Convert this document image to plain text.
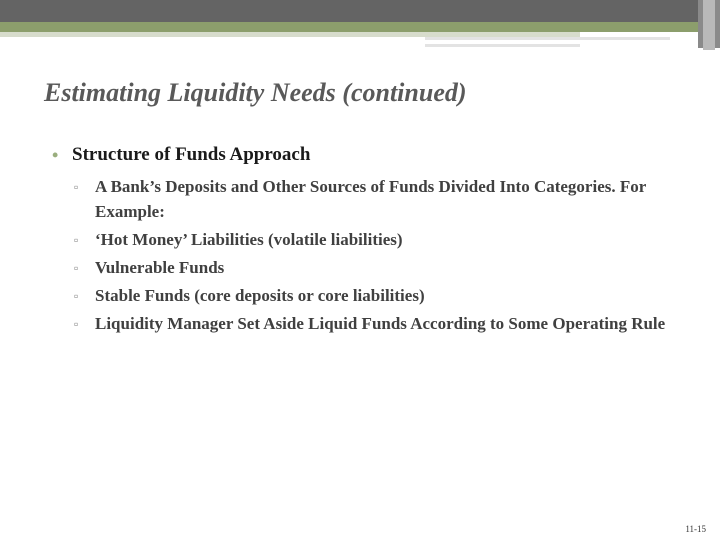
Estimating Liquidity Needs (continued)

• Structure of Funds Approach

▫ A Bank’s Deposits and Other Sources of Funds Divided Into Categories. For Example:
▫ ‘Hot Money’ Liabilities (volatile liabilities)
▫ Vulnerable Funds
▫ Stable Funds (core deposits or core liabilities)
▫ Liquidity Manager Set Aside Liquid Funds According to Some Operating Rule
11-15
